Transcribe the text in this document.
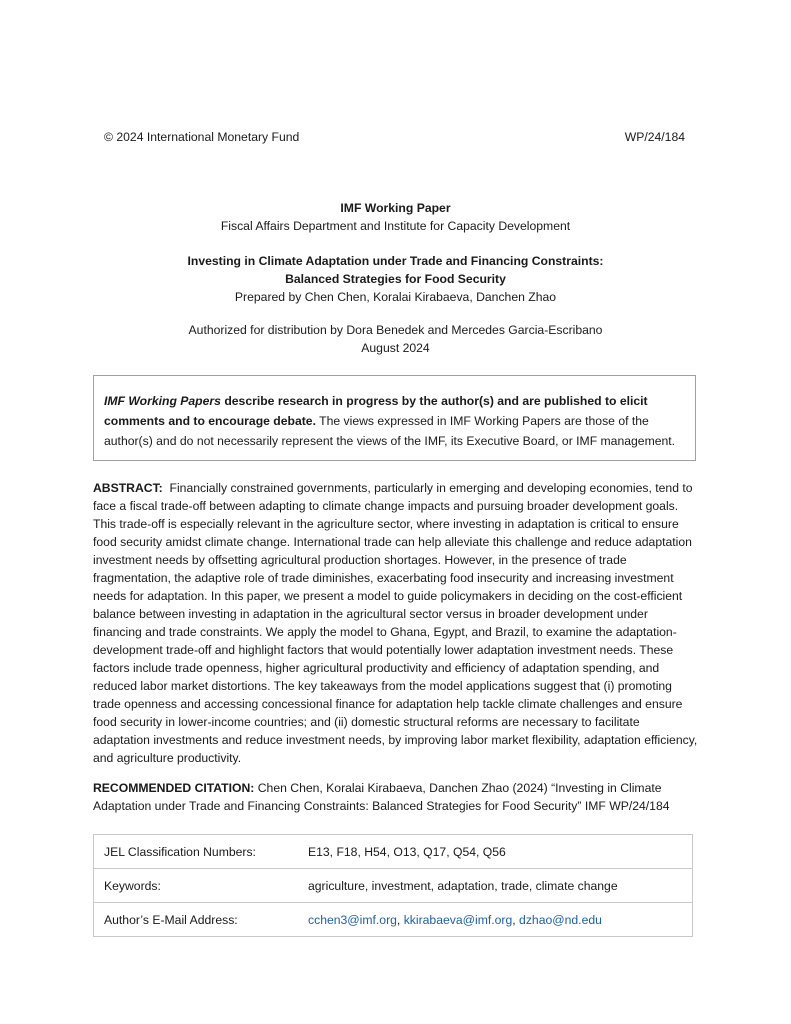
© 2024 International Monetary Fund	WP/24/184
IMF Working Paper
Fiscal Affairs Department and Institute for Capacity Development
Investing in Climate Adaptation under Trade and Financing Constraints:
Balanced Strategies for Food Security
Prepared by Chen Chen, Koralai Kirabaeva, Danchen Zhao
Authorized for distribution by Dora Benedek and Mercedes Garcia-Escribano
August 2024
IMF Working Papers describe research in progress by the author(s) and are published to elicit comments and to encourage debate. The views expressed in IMF Working Papers are those of the author(s) and do not necessarily represent the views of the IMF, its Executive Board, or IMF management.
ABSTRACT: Financially constrained governments, particularly in emerging and developing economies, tend to face a fiscal trade-off between adapting to climate change impacts and pursuing broader development goals. This trade-off is especially relevant in the agriculture sector, where investing in adaptation is critical to ensure food security amidst climate change. International trade can help alleviate this challenge and reduce adaptation investment needs by offsetting agricultural production shortages. However, in the presence of trade fragmentation, the adaptive role of trade diminishes, exacerbating food insecurity and increasing investment needs for adaptation. In this paper, we present a model to guide policymakers in deciding on the cost-efficient balance between investing in adaptation in the agricultural sector versus in broader development under financing and trade constraints. We apply the model to Ghana, Egypt, and Brazil, to examine the adaptation-development trade-off and highlight factors that would potentially lower adaptation investment needs. These factors include trade openness, higher agricultural productivity and efficiency of adaptation spending, and reduced labor market distortions. The key takeaways from the model applications suggest that (i) promoting trade openness and accessing concessional finance for adaptation help tackle climate challenges and ensure food security in lower-income countries; and (ii) domestic structural reforms are necessary to facilitate adaptation investments and reduce investment needs, by improving labor market flexibility, adaptation efficiency, and agriculture productivity.
RECOMMENDED CITATION: Chen Chen, Koralai Kirabaeva, Danchen Zhao (2024) “Investing in Climate Adaptation under Trade and Financing Constraints: Balanced Strategies for Food Security” IMF WP/24/184
JEL Classification Numbers:	E13, F18, H54, O13, Q17, Q54, Q56
Keywords:	agriculture, investment, adaptation, trade, climate change
Author’s E-Mail Address:	cchen3@imf.org, kkirabaeva@imf.org, dzhao@nd.edu
